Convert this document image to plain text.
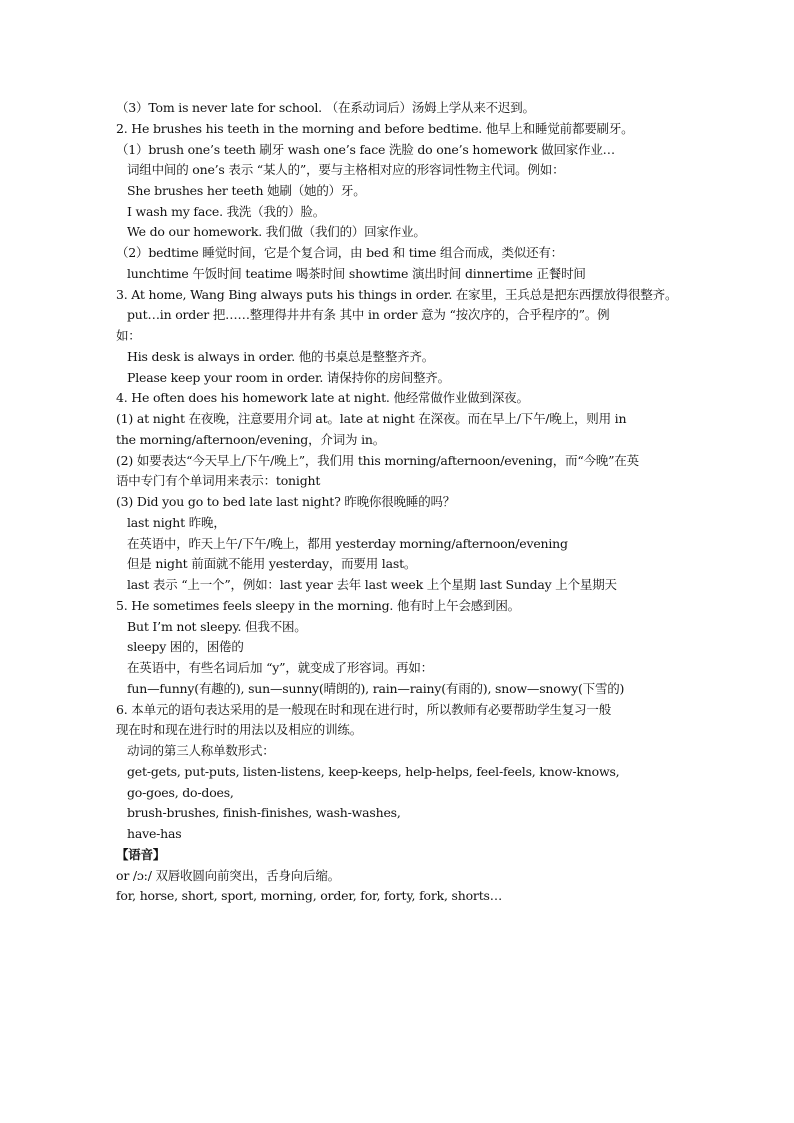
（3）Tom is never late for school. （在系动词后）汤姆上学从来不迟到。
2. He brushes his teeth in the morning and before bedtime. 他早上和睡觉前都要刷牙。
（1）brush one’s teeth 刷牙 wash one’s face 洗脸 do one’s homework 做回家作业…
词组中间的 one’s 表示 “某人的”，要与主格相对应的形容词性物主代词。例如：
She brushes her teeth 她刷（她的）牙。
I wash my face. 我洗（我的）脸。
We do our homework. 我们做（我们的）回家作业。
（2）bedtime 睡觉时间，它是个复合词，由 bed 和 time 组合而成，类似还有：
lunchtime 午饭时间 teatime 喝茶时间 showtime 演出时间 dinnertime 正餐时间
3. At home, Wang Bing always puts his things in order. 在家里，王兵总是把东西摆放得很整齐。
put…in order 把……整理得井井有条 其中 in order 意为 “按次序的，合乎程序的”。例
如：
His desk is always in order. 他的书桌总是整整齐齐。
Please keep your room in order. 请保持你的房间整齐。
4. He often does his homework late at night. 他经常做作业做到深夜。
(1) at night 在夜晚，注意要用介词 at。late at night 在深夜。而在早上/下午/晚上，则用 in
the morning/afternoon/evening，介词为 in。
(2) 如要表达“今天早上/下午/晚上”，我们用 this morning/afternoon/evening，而“今晚”在英
语中专门有个单词用来表示：tonight
(3) Did you go to bed late last night? 昨晚你很晚睡的吗？
last night 昨晚，
在英语中，昨天上午/下午/晚上，都用 yesterday morning/afternoon/evening
但是 night 前面就不能用 yesterday，而要用 last。
last 表示 “上一个”，例如：last year 去年 last week 上个星期 last Sunday 上个星期天
5. He sometimes feels sleepy in the morning. 他有时上午会感到困。
But I’m not sleepy. 但我不困。
sleepy 困的，困倦的
在英语中，有些名词后加 “y”，就变成了形容词。再如：
fun—funny(有趣的), sun—sunny(晴朗的), rain—rainy(有雨的), snow—snowy(下雪的)
6. 本单元的语句表达采用的是一般现在时和现在进行时，所以教师有必要帮助学生复习一般
现在时和现在进行时的用法以及相应的训练。
动词的第三人称单数形式：
get-gets, put-puts, listen-listens, keep-keeps, help-helps, feel-feels, know-knows,
go-goes, do-does,
brush-brushes, finish-finishes, wash-washes,
have-has
【语音】
or /ɔ:/ 双唇收圆向前突出，舌身向后缩。
for, horse, short, sport, morning, order, for, forty, fork, shorts…
